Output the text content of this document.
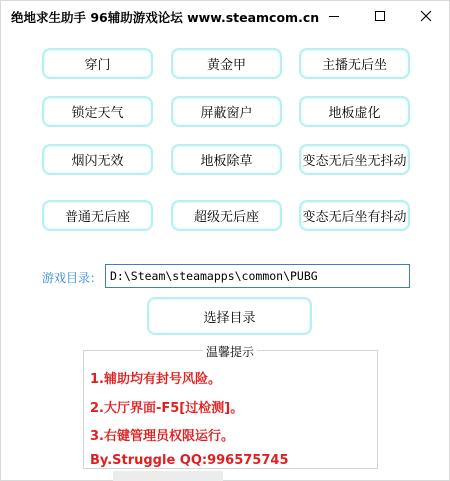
绝地求生助手 96辅助游戏论坛 www.steamcom.cn
穿门	黄金甲	主播无后坐
锁定天气	屏蔽窗户	地板虚化
烟闪无效	地板除草	变态无后坐无抖动
普通无后座	超级无后座	变态无后坐有抖动
游戏目录： D:\Steam\steamapps\common\PUBG
选择目录
温馨提示
1.辅助均有封号风险。
2.大厅界面-F5[过检测]。
3.右键管理员权限运行。
By.Struggle QQ:996575745
